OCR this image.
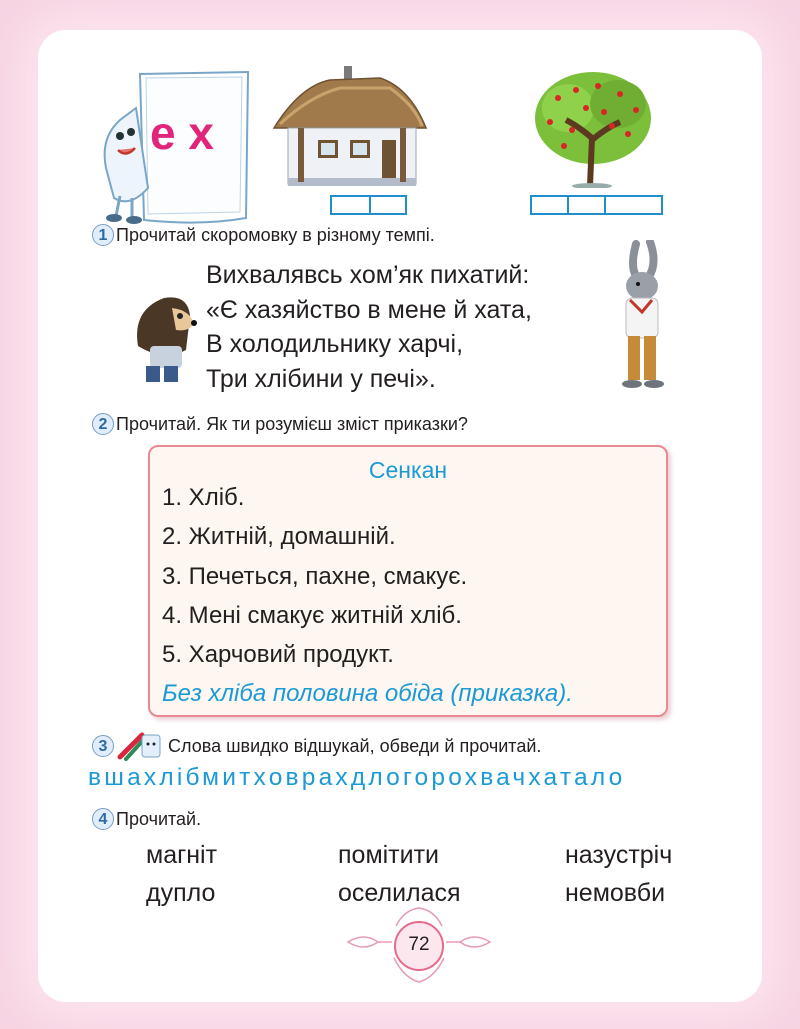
е х
1 Прочитай скоромовку в різному темпі.
Вихвалявсь хом’як пихатий:
«Є хазяйство в мене й хата,
В холодильнику харчі,
Три хлібини у печі».
2 Прочитай. Як ти розумієш зміст приказки?
Сенкан
1. Хліб.
2. Житній, домашній.
3. Печеться, пахне, смакує.
4. Мені смакує житній хліб.
5. Харчовий продукт.
Без хліба половина обіда (приказка).
3	Слова швидко відшукай, обведи й прочитай.
вшахлібмитховрахдлогорохвачхатало
4 Прочитай.
магніт	помітити	назустріч
дупло	оселилася	немовби
72
